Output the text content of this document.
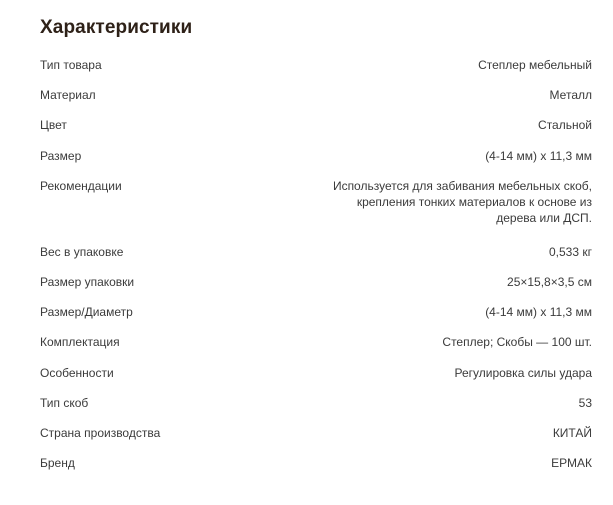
Характеристики
Тип товара	Степлер мебельный
Материал	Металл
Цвет	Стальной
Размер	(4-14 мм) x 11,3 мм
Рекомендации	Используется для забивания мебельных скоб, крепления тонких материалов к основе из дерева или ДСП.
Вес в упаковке	0,533 кг
Размер упаковки	25×15,8×3,5 см
Размер/Диаметр	(4-14 мм) x 11,3 мм
Комплектация	Степлер; Скобы — 100 шт.
Особенности	Регулировка силы удара
Тип скоб	53
Страна производства	КИТАЙ
Бренд	ЕРМАК
